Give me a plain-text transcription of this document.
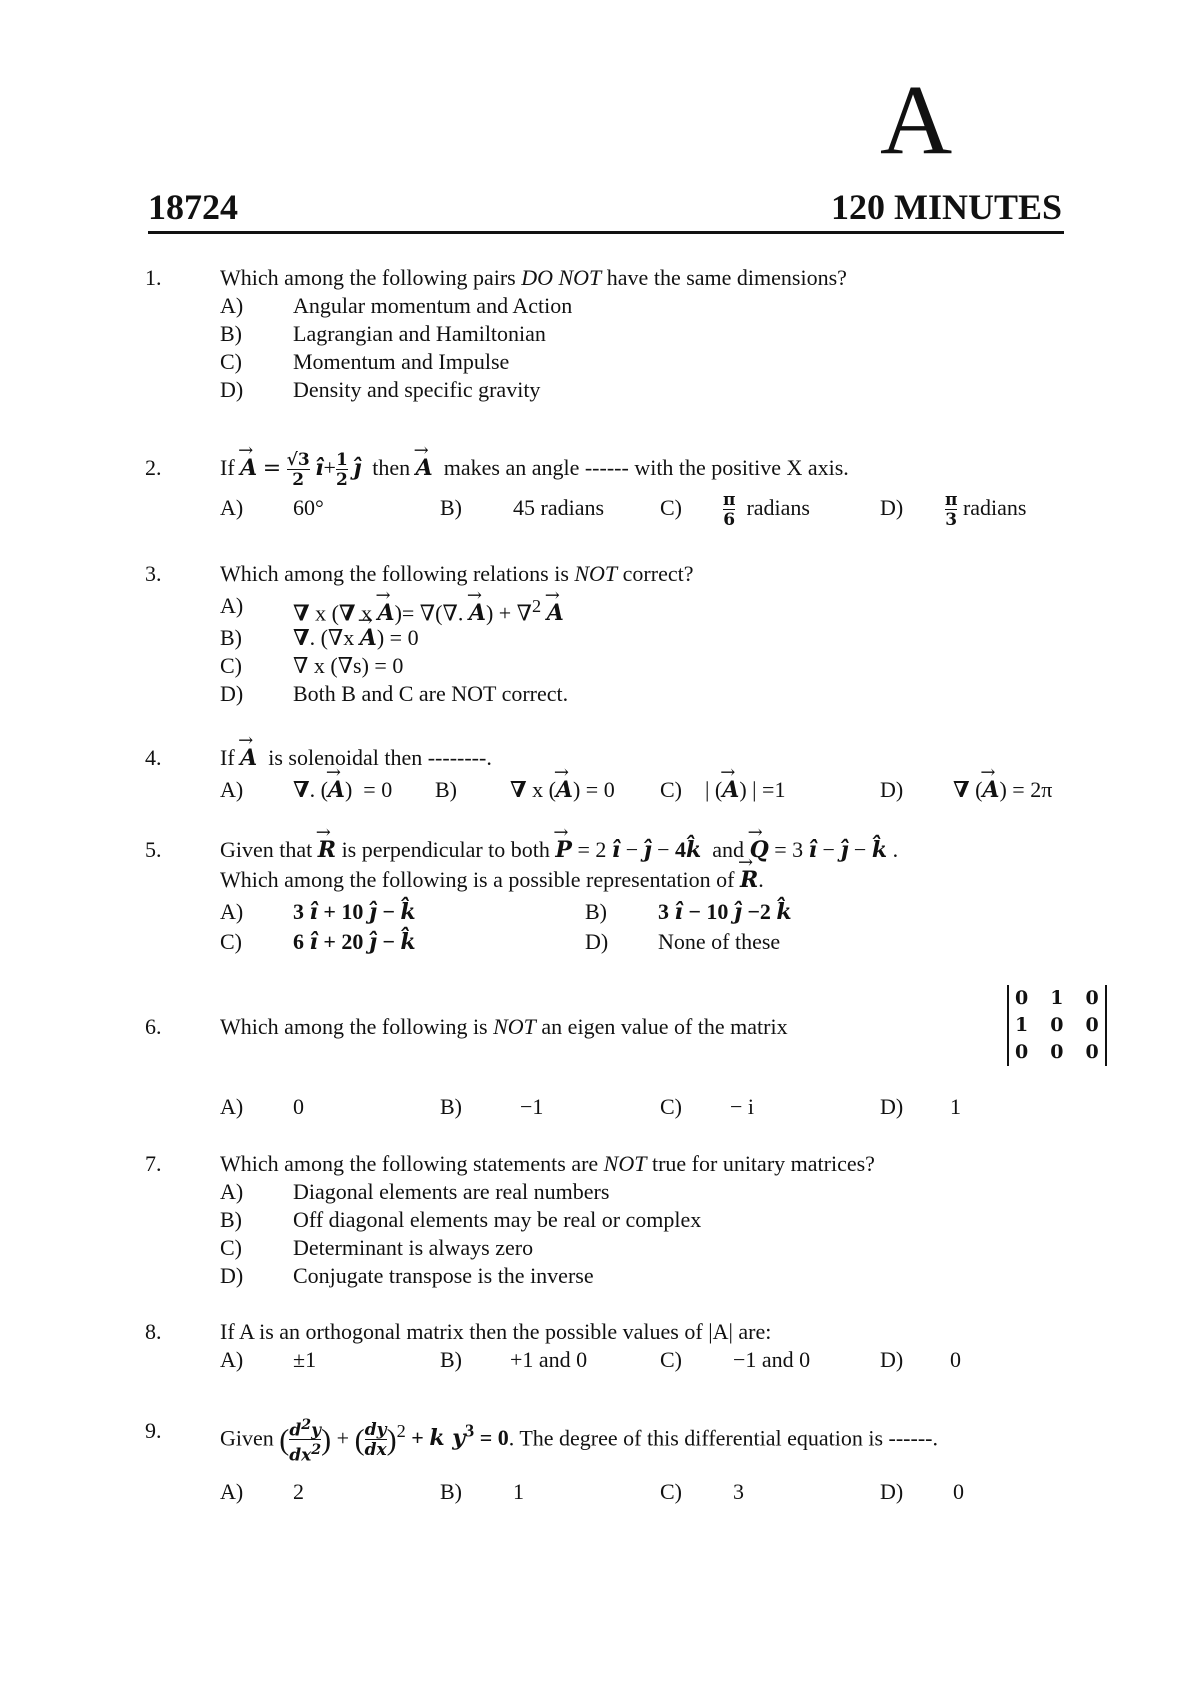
A
18724	120 MINUTES
1.	Which among the following pairs DO NOT have the same dimensions?
A) Angular momentum and Action
B) Lagrangian and Hamiltonian
C) Momentum and Impulse
D) Density and specific gravity
2.	$If \to A = \frac{√3}{2}$ î+ $\frac{1}{2}$ ĵ  then → A  makes an angle ------ with the positive X axis.
A) 60°	B) 45 radians	$C) \frac{\pi}{6}$ radians	$D) \frac{\pi}{3}$ radians
3.	Which among the following relations is NOT correct?
A) ∇ x (∇ x → A)= ∇(∇. → A) + ∇$^2$ → A
B) ∇. (∇x → A) = 0
C) ∇ x (∇s) = 0
D) Both B and C are NOT correct.
4.	If → A  is solenoidal then --------.
A) ∇. (→ A)  = 0 B) ∇ x (→ A) = 0 C) | (→ A) | =1	D) ∇ (→ A) = 2π
5.	Given that → R is perpendicular to both → P = 2 î − ĵ − 4k̂  and → Q = 3 î − ĵ − k̂ .
Which among the following is a possible representation of → R.
A) 3 î + 10 ĵ − k̂	B) 3 î − 10 ĵ −2 k̂
C) 6 î + 20 ĵ − k̂	D) None of these
6.	Which among the following is NOT an eigen value of the matrix
0 1 0
1 0 0
0 0 0
A) 0	B)	−1	C) − i	D) 1
7.	Which among the following statements are NOT true for unitary matrices?
A) Diagonal elements are real numbers
B) Off diagonal elements may be real or complex
C) Determinant is always zero
D) Conjugate transpose is the inverse
8.	If A is an orthogonal matrix then the possible values of |A| are:
A) ±1	B) +1 and 0	C) −1 and 0	D) 0
9.	Given ( $\frac{d^2y}{dx^2}$ ) + ( $\frac{dy}{dx} )^2 + k$ $y^3 = 0$. The degree of this differential equation is ------.
A) 2	B) 1	C) 3	D) 0
